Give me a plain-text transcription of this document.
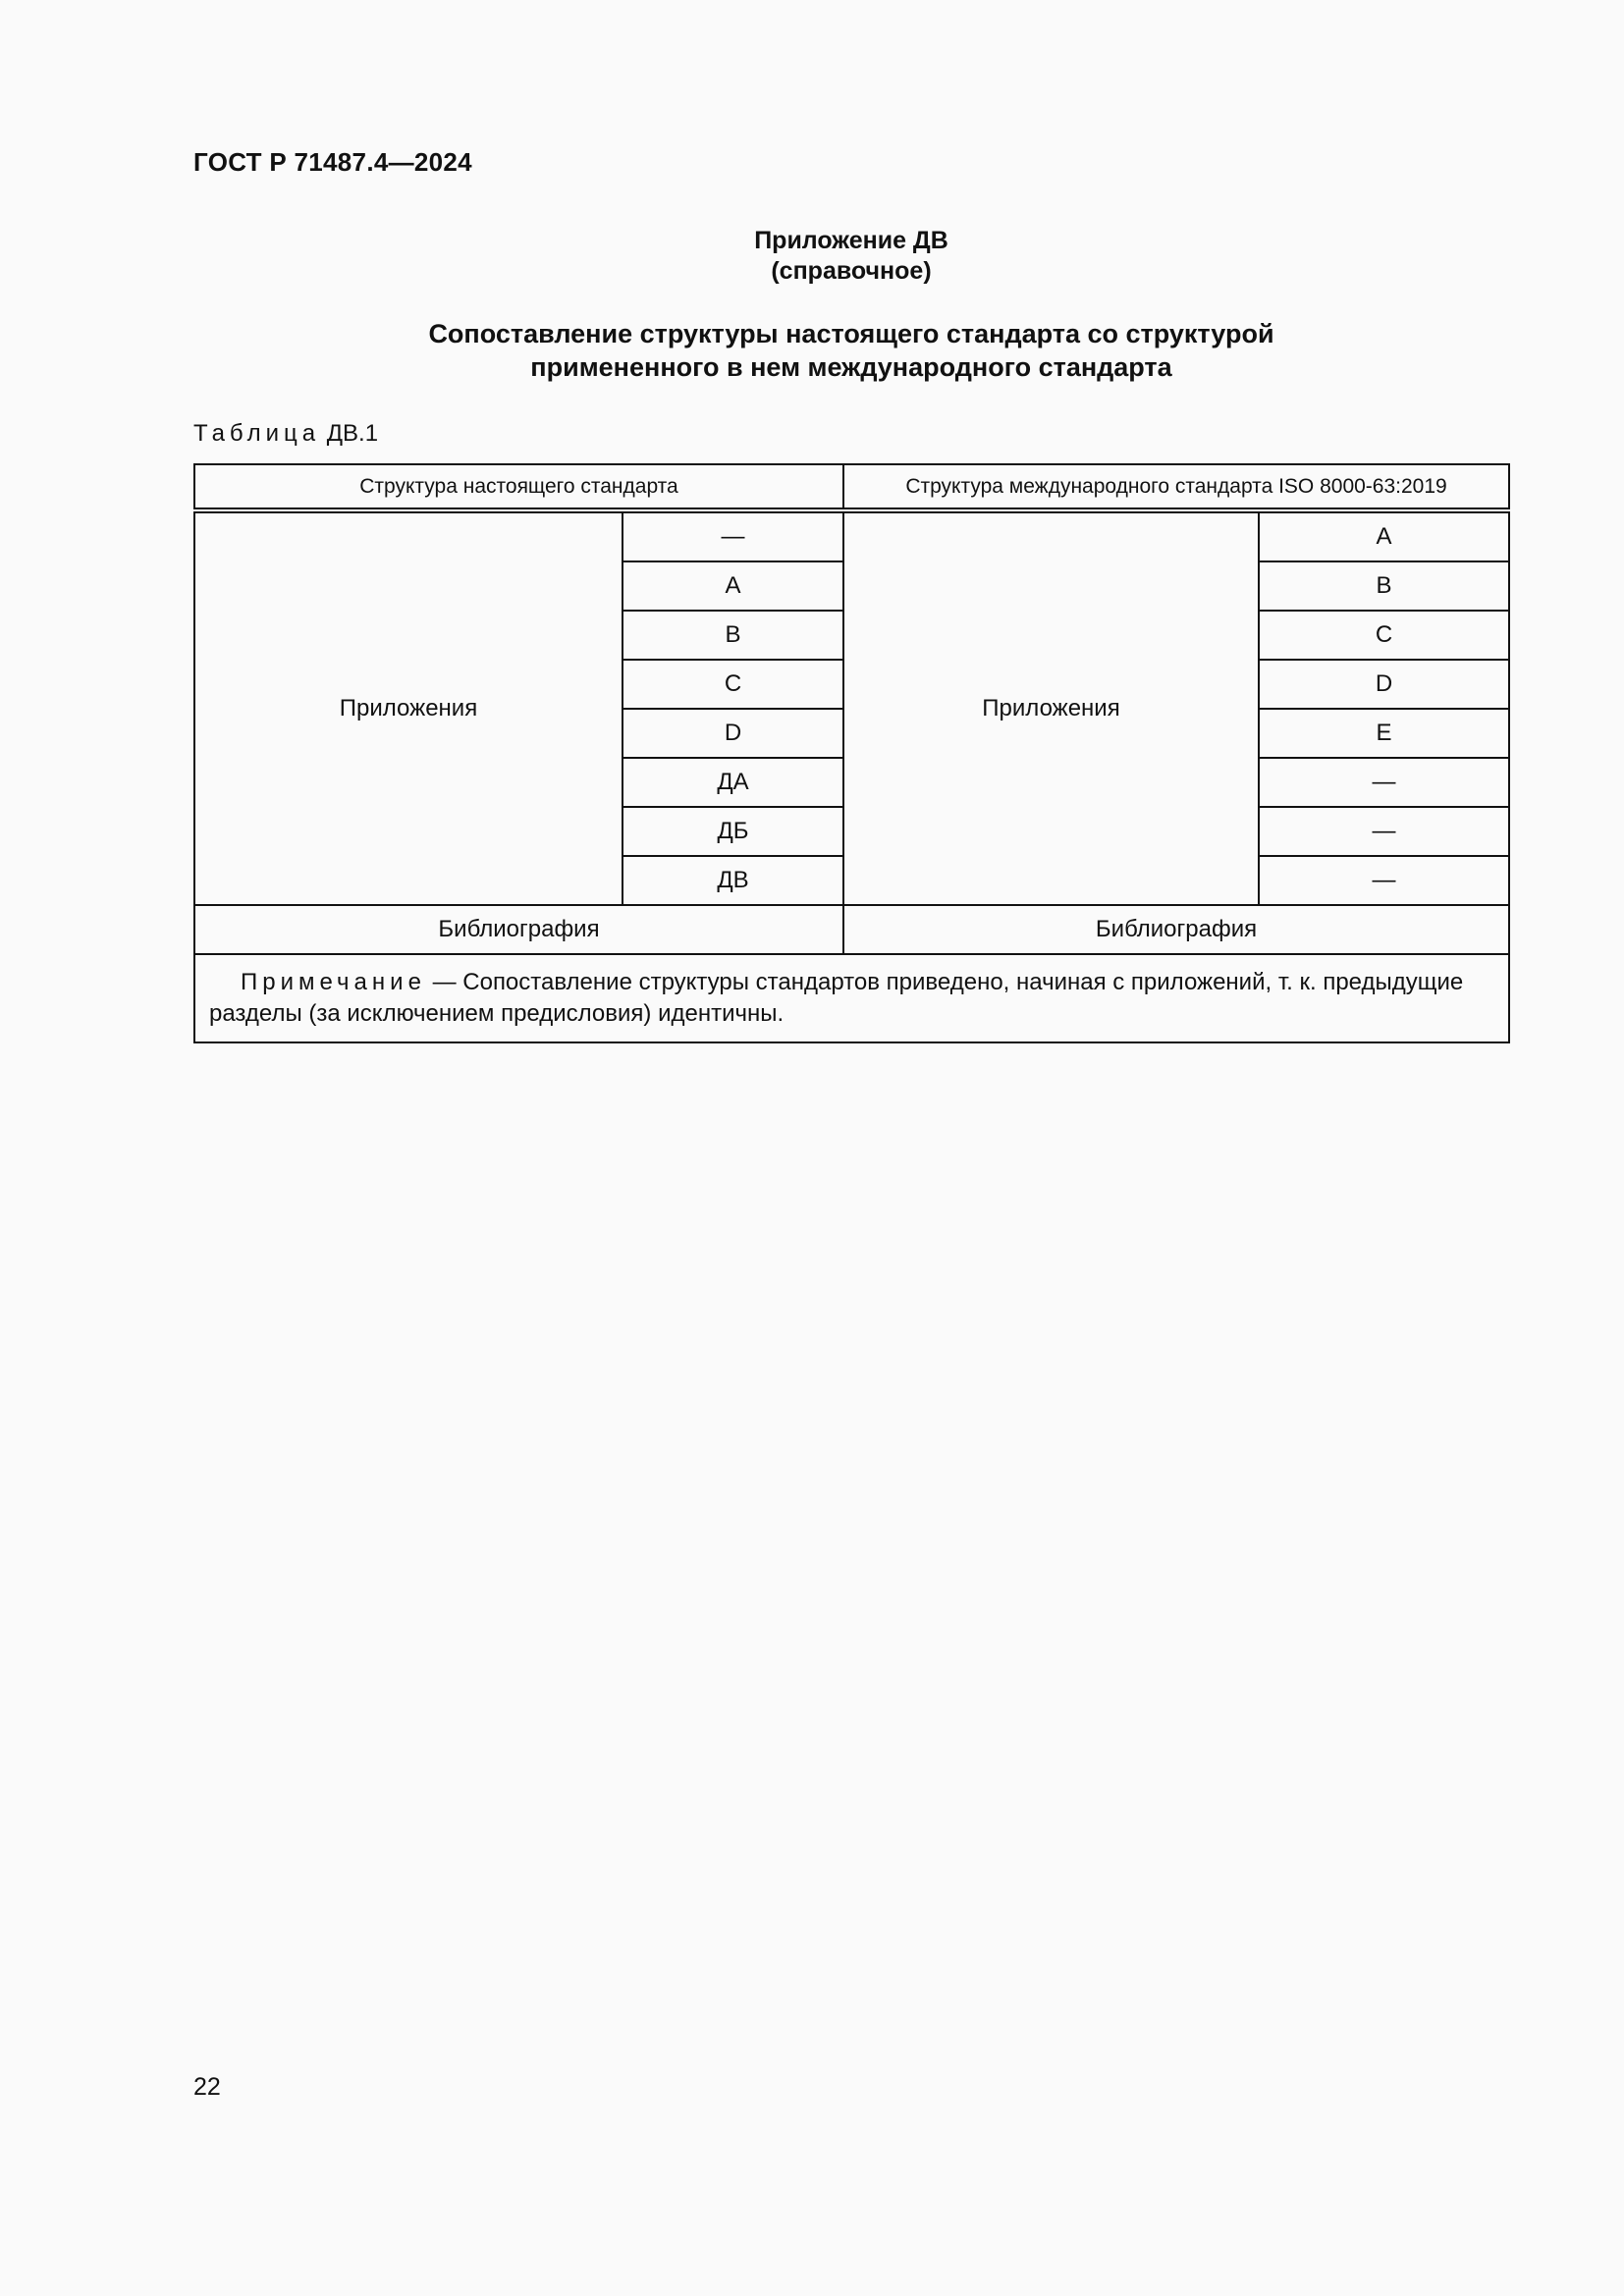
ГОСТ Р 71487.4—2024
Приложение ДВ
(справочное)
Сопоставление структуры настоящего стандарта со структурой
примененного в нем международного стандарта
Таблица ДВ.1
Структура настоящего стандарта		Структура международного стандарта ISO 8000-63:2019	
Приложения	—	Приложения	A
	A		B
	B		C
	C		D
	D		E
	ДА		—
	ДБ		—
	ДВ		—
Библиография		Библиография	
Примечание — Сопоставление структуры стандартов приведено, начиная с приложений, т. к. предыдущие разделы (за исключением предисловия) идентичны.			
22
